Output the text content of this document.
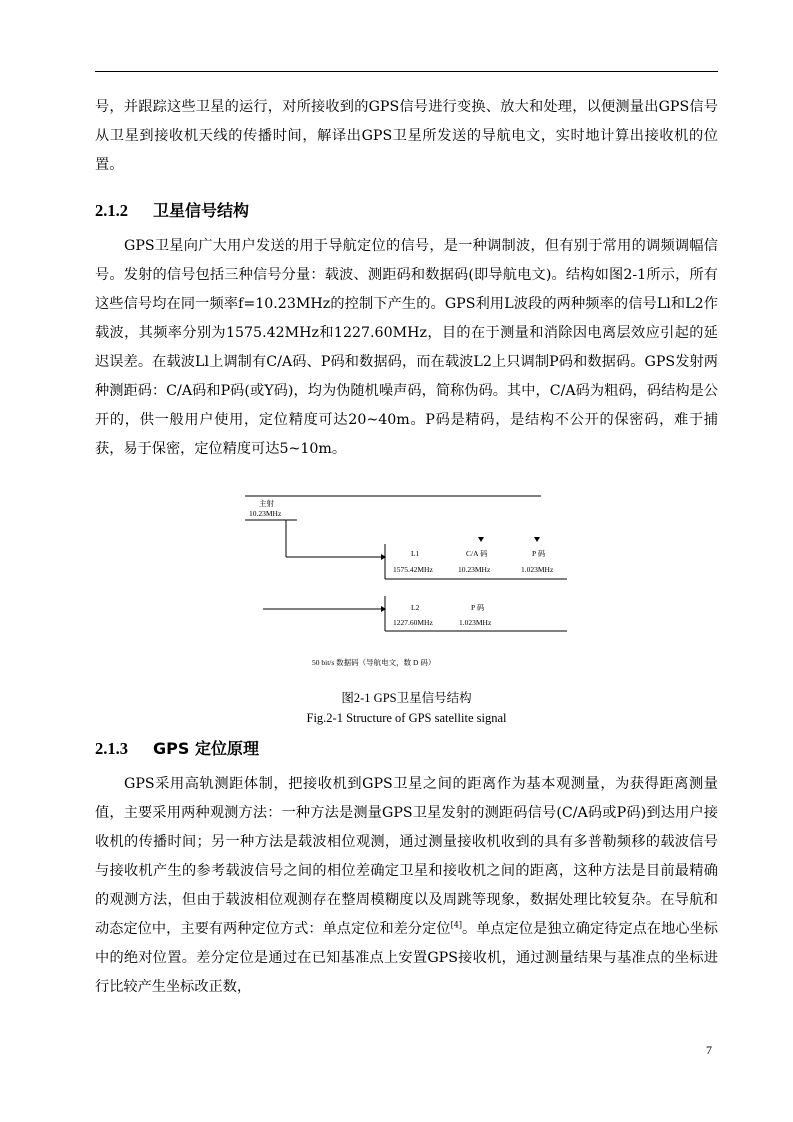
号，并跟踪这些卫星的运行，对所接收到的GPS信号进行变换、放大和处理，以便测量出GPS信号从卫星到接收机天线的传播时间，解译出GPS卫星所发送的导航电文，实时地计算出接收机的位置。

2.1.2 卫星信号结构

GPS卫星向广大用户发送的用于导航定位的信号，是一种调制波，但有别于常用的调频调幅信号。发射的信号包括三种信号分量：载波、测距码和数据码(即导航电文)。结构如图2-1所示，所有这些信号均在同一频率f=10.23MHz的控制下产生的。GPS利用L波段的两种频率的信号Ll和L2作载波，其频率分别为1575.42MHz和1227.60MHz，目的在于测量和消除因电离层效应引起的延迟误差。在载波Ll上调制有C/A码、P码和数据码，而在载波L2上只调制P码和数据码。GPS发射两种测距码：C/A码和P码(或Y码)，均为伪随机噪声码，简称伪码。其中，C/A码为粗码，码结构是公开的，供一般用户使用，定位精度可达20~40m。P码是精码，是结构不公开的保密码，难于捕获，易于保密，定位精度可达5~10m。

主射
10.23MHz
L1
1575.42MHz
C/A 码
10.23MHz
P 码
1.023MHz
L2
1227.60MHz
P 码
1.023MHz
50 bit/s 数据码（导航电文，数 D 码）

图2-1 GPS卫星信号结构

Fig.2-1 Structure of GPS satellite signal

2.1.3 GPS 定位原理

GPS采用高轨测距体制，把接收机到GPS卫星之间的距离作为基本观测量，为获得距离测量值，主要采用两种观测方法：一种方法是测量GPS卫星发射的测距码信号(C/A码或P码)到达用户接收机的传播时间；另一种方法是载波相位观测，通过测量接收机收到的具有多普勒频移的载波信号与接收机产生的参考载波信号之间的相位差确定卫星和接收机之间的距离，这种方法是目前最精确的观测方法，但由于载波相位观测存在整周模糊度以及周跳等现象，数据处理比较复杂。在导航和动态定位中，主要有两种定位方式：单点定位和差分定位[4]。单点定位是独立确定待定点在地心坐标中的绝对位置。差分定位是通过在已知基准点上安置GPS接收机，通过测量结果与基准点的坐标进行比较产生坐标改正数，

7
